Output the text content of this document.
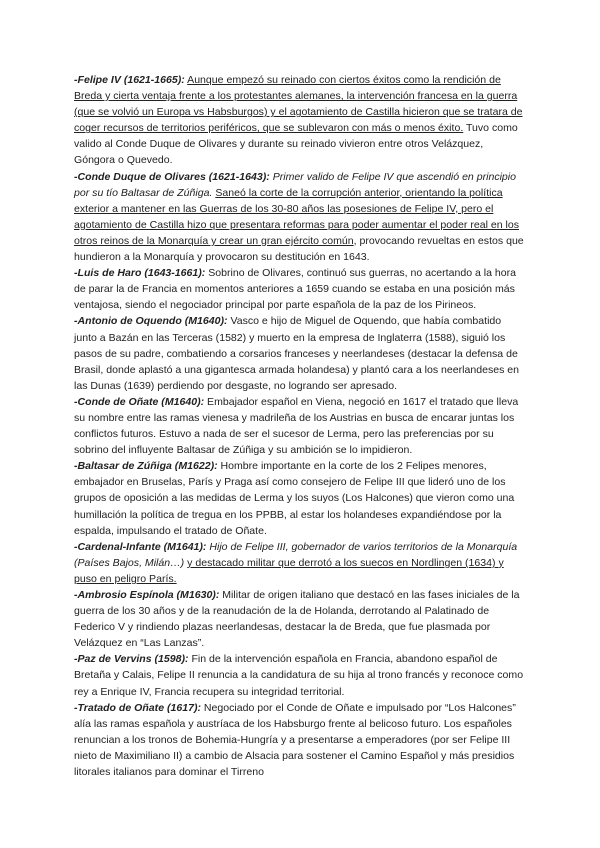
-Felipe IV (1621-1665): Aunque empezó su reinado con ciertos éxitos como la rendición de Breda y cierta ventaja frente a los protestantes alemanes, la intervención francesa en la guerra (que se volvió un Europa vs Habsburgos) y el agotamiento de Castilla hicieron que se tratara de coger recursos de territorios periféricos, que se sublevaron con más o menos éxito. Tuvo como valido al Conde Duque de Olivares y durante su reinado vivieron entre otros Velázquez, Góngora o Quevedo.

-Conde Duque de Olivares (1621-1643): Primer valido de Felipe IV que ascendió en principio por su tío Baltasar de Zúñiga. Saneó la corte de la corrupción anterior, orientando la política exterior a mantener en las Guerras de los 30-80 años las posesiones de Felipe IV, pero el agotamiento de Castilla hizo que presentara reformas para poder aumentar el poder real en los otros reinos de la Monarquía y crear un gran ejército común, provocando revueltas en estos que hundieron a la Monarquía y provocaron su destitución en 1643.

-Luis de Haro (1643-1661): Sobrino de Olivares, continuó sus guerras, no acertando a la hora de parar la de Francia en momentos anteriores a 1659 cuando se estaba en una posición más ventajosa, siendo el negociador principal por parte española de la paz de los Pirineos.

-Antonio de Oquendo (M1640): Vasco e hijo de Miguel de Oquendo, que había combatido junto a Bazán en las Terceras (1582) y muerto en la empresa de Inglaterra (1588), siguió los pasos de su padre, combatiendo a corsarios franceses y neerlandeses (destacar la defensa de Brasil, donde aplastó a una gigantesca armada holandesa) y plantó cara a los neerlandeses en las Dunas (1639) perdiendo por desgaste, no logrando ser apresado.

-Conde de Oñate (M1640): Embajador español en Viena, negoció en 1617 el tratado que lleva su nombre entre las ramas vienesa y madrileña de los Austrias en busca de encarar juntas los conflictos futuros. Estuvo a nada de ser el sucesor de Lerma, pero las preferencias por su sobrino del influyente Baltasar de Zúñiga y su ambición se lo impidieron.

-Baltasar de Zúñiga (M1622): Hombre importante en la corte de los 2 Felipes menores, embajador en Bruselas, París y Praga así como consejero de Felipe III que lideró uno de los grupos de oposición a las medidas de Lerma y los suyos (Los Halcones) que vieron como una humillación la política de tregua en los PPBB, al estar los holandeses expandiéndose por la espalda, impulsando el tratado de Oñate.

-Cardenal-Infante (M1641): Hijo de Felipe III, gobernador de varios territorios de la Monarquía (Países Bajos, Milán…) y destacado militar que derrotó a los suecos en Nordlingen (1634) y puso en peligro París.

-Ambrosio Espínola (M1630): Militar de origen italiano que destacó en las fases iniciales de la guerra de los 30 años y de la reanudación de la de Holanda, derrotando al Palatinado de Federico V y rindiendo plazas neerlandesas, destacar la de Breda, que fue plasmada por Velázquez en “Las Lanzas”.

-Paz de Vervins (1598): Fin de la intervención española en Francia, abandono español de Bretaña y Calais, Felipe II renuncia a la candidatura de su hija al trono francés y reconoce como rey a Enrique IV, Francia recupera su integridad territorial.

-Tratado de Oñate (1617): Negociado por el Conde de Oñate e impulsado por “Los Halcones” alía las ramas española y austríaca de los Habsburgo frente al belicoso futuro. Los españoles renuncian a los tronos de Bohemia-Hungría y a presentarse a emperadores (por ser Felipe III nieto de Maximiliano II) a cambio de Alsacia para sostener el Camino Español y más presidios litorales italianos para dominar el Tirreno
